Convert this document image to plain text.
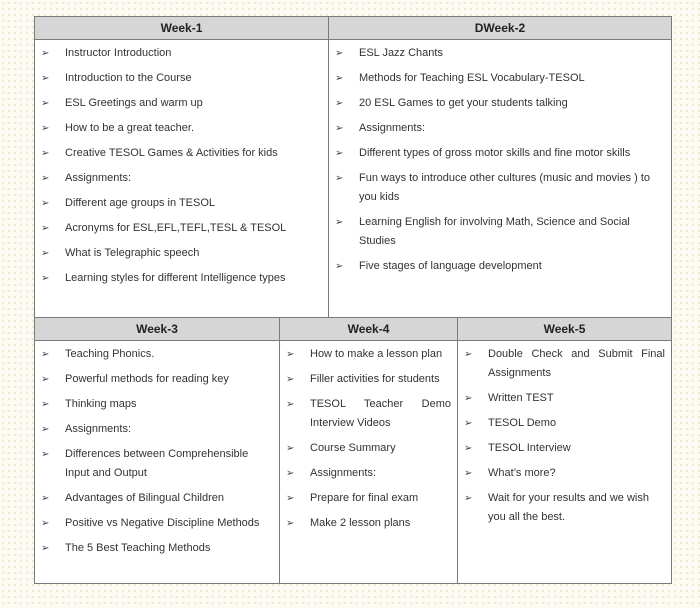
Week-1
➢ Instructor Introduction
➢ Introduction to the Course
➢ ESL Greetings and warm up
➢ How to be a great teacher.
➢ Creative TESOL Games & Activities for kids
➢ Assignments:
➢ Different age groups in TESOL
➢ Acronyms for ESL,EFL,TEFL,TESL & TESOL
➢ What is Telegraphic speech
➢ Learning styles for different Intelligence types
DWeek-2
➢ ESL Jazz Chants
➢ Methods for Teaching ESL Vocabulary-TESOL
➢ 20 ESL Games to get your students talking
➢ Assignments:
➢ Different types of gross motor skills and fine motor skills
➢ Fun ways to introduce other cultures (music and movies ) to you kids
➢ Learning English for involving Math, Science and Social Studies
➢ Five stages of language development
Week-3
➢ Teaching Phonics.
➢ Powerful methods for reading key
➢ Thinking maps
➢ Assignments:
➢ Differences between Comprehensible Input and Output
➢ Advantages of Bilingual Children
➢ Positive vs Negative Discipline Methods
➢ The 5 Best Teaching Methods
Week-4
➢ How to make a lesson plan
➢ Filler activities for students
➢ TESOL Teacher Demo Interview Videos
➢ Course Summary
➢ Assignments:
➢ Prepare for final exam
➢ Make 2 lesson plans
Week-5
➢ Double Check and Submit Final Assignments
➢ Written TEST
➢ TESOL Demo
➢ TESOL Interview
➢ What’s more?
➢ Wait for your results and we wish you all the best.
